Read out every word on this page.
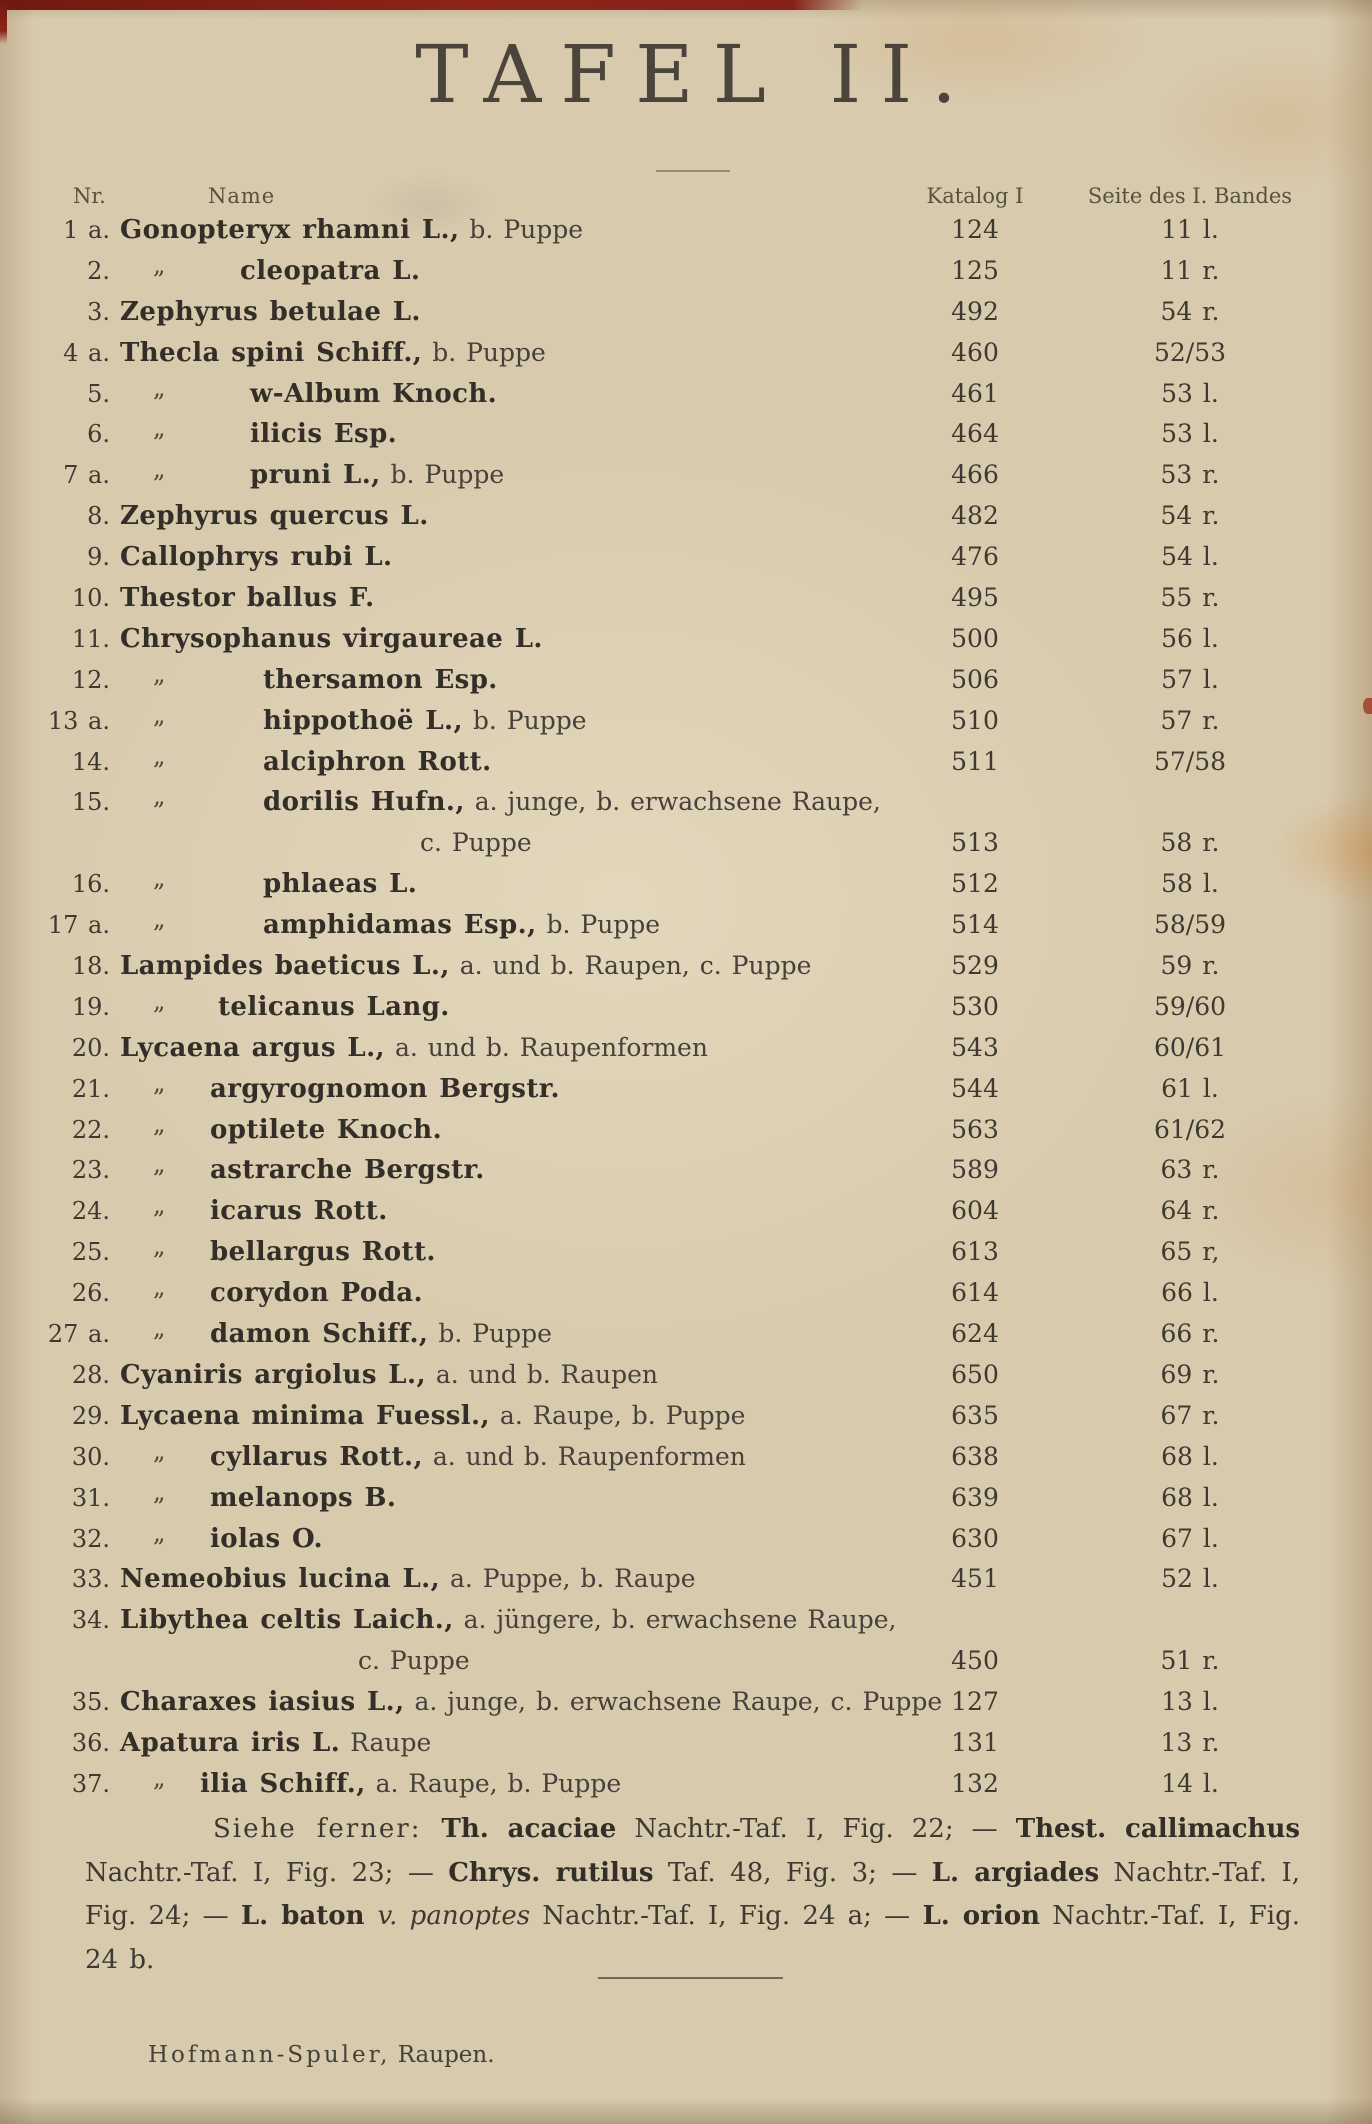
TAFEL II.
Nr.	Name	Katalog I	Seite des I. Bandes
1 a. Gonopteryx rhamni L., b. Puppe	124	11 l.
2. „	cleopatra L.	125	11 r.
3. Zephyrus betulae L.	492	54 r.
4 a. Thecla spini Schiff., b. Puppe	460	52/53
5. „	w-Album Knoch.	461	53 l.
6. „	ilicis Esp.	464	53 l.
7 a. „	pruni L., b. Puppe	466	53 r.
8. Zephyrus quercus L.	482	54 r.
9. Callophrys rubi L.	476	54 l.
10. Thestor ballus F.	495	55 r.
11. Chrysophanus virgaureae L.	500	56 l.
12. „	thersamon Esp.	506	57 l.
13 a. „	hippothoë L., b. Puppe	510	57 r.
14. „	alciphron Rott.	511	57/58
15. „	dorilis Hufn., a. junge, b. erwachsene Raupe,
c. Puppe	513	58 r.
16. „	phlaeas L.	512	58 l.
17 a. „	amphidamas Esp., b. Puppe	514	58/59
18. Lampides baeticus L., a. und b. Raupen, c. Puppe	529	59 r.
19. „ telicanus Lang.	530	59/60
20. Lycaena argus L., a. und b. Raupenformen	543	60/61
21. „ argyrognomon Bergstr.	544	61 l.
22. „ optilete Knoch.	563	61/62
23. „ astrarche Bergstr.	589	63 r.
24. „ icarus Rott.	604	64 r.
25. „ bellargus Rott.	613	65 r,
26. „ corydon Poda.	614	66 l.
27 a. „ damon Schiff., b. Puppe	624	66 r.
28. Cyaniris argiolus L., a. und b. Raupen	650	69 r.
29. Lycaena minima Fuessl., a. Raupe, b. Puppe	635	67 r.
30. „ cyllarus Rott., a. und b. Raupenformen	638	68 l.
31. „ melanops B.	639	68 l.
32. „ iolas O.	630	67 l.
33. Nemeobius lucina L., a. Puppe, b. Raupe	451	52 l.
34. Libythea celtis Laich., a. jüngere, b. erwachsene Raupe,
c. Puppe	450	51 r.
35. Charaxes iasius L., a. junge, b. erwachsene Raupe, c. Puppe 127	13 l.
36. Apatura iris L. Raupe	131	13 r.
37. „ ilia Schiff., a. Raupe, b. Puppe	132	14 l.

Siehe ferner: Th. acaciae Nachtr.-Taf. I, Fig. 22; — Thest. callimachus Nachtr.-Taf. I, Fig. 23; — Chrys. rutilus Taf. 48, Fig. 3; — L. argiades Nachtr.-Taf. I, Fig. 24; — L. baton v. panoptes Nachtr.-Taf. I, Fig. 24 a; — L. orion Nachtr.-Taf. I, Fig. 24 b.

Hofmann-Spuler, Raupen.
